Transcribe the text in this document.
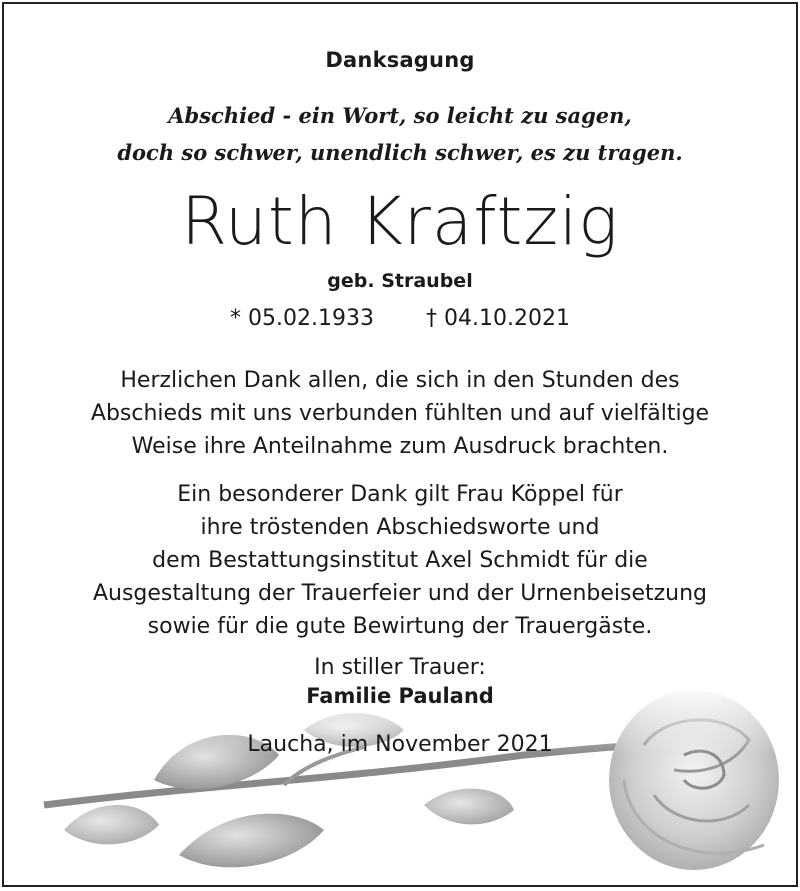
Danksagung
Abschied - ein Wort, so leicht zu sagen,
doch so schwer, unendlich schwer, es zu tragen.
Ruth Kraftzig
geb. Straubel
* 05.02.1933 † 04.10.2021
Herzlichen Dank allen, die sich in den Stunden des
Abschieds mit uns verbunden fühlten und auf vielfältige
Weise ihre Anteilnahme zum Ausdruck brachten.
Ein besonderer Dank gilt Frau Köppel für
ihre tröstenden Abschiedsworte und
dem Bestattungsinstitut Axel Schmidt für die
Ausgestaltung der Trauerfeier und der Urnenbeisetzung
sowie für die gute Bewirtung der Trauergäste.
In stiller Trauer:
Familie Pauland
Laucha, im November 2021
